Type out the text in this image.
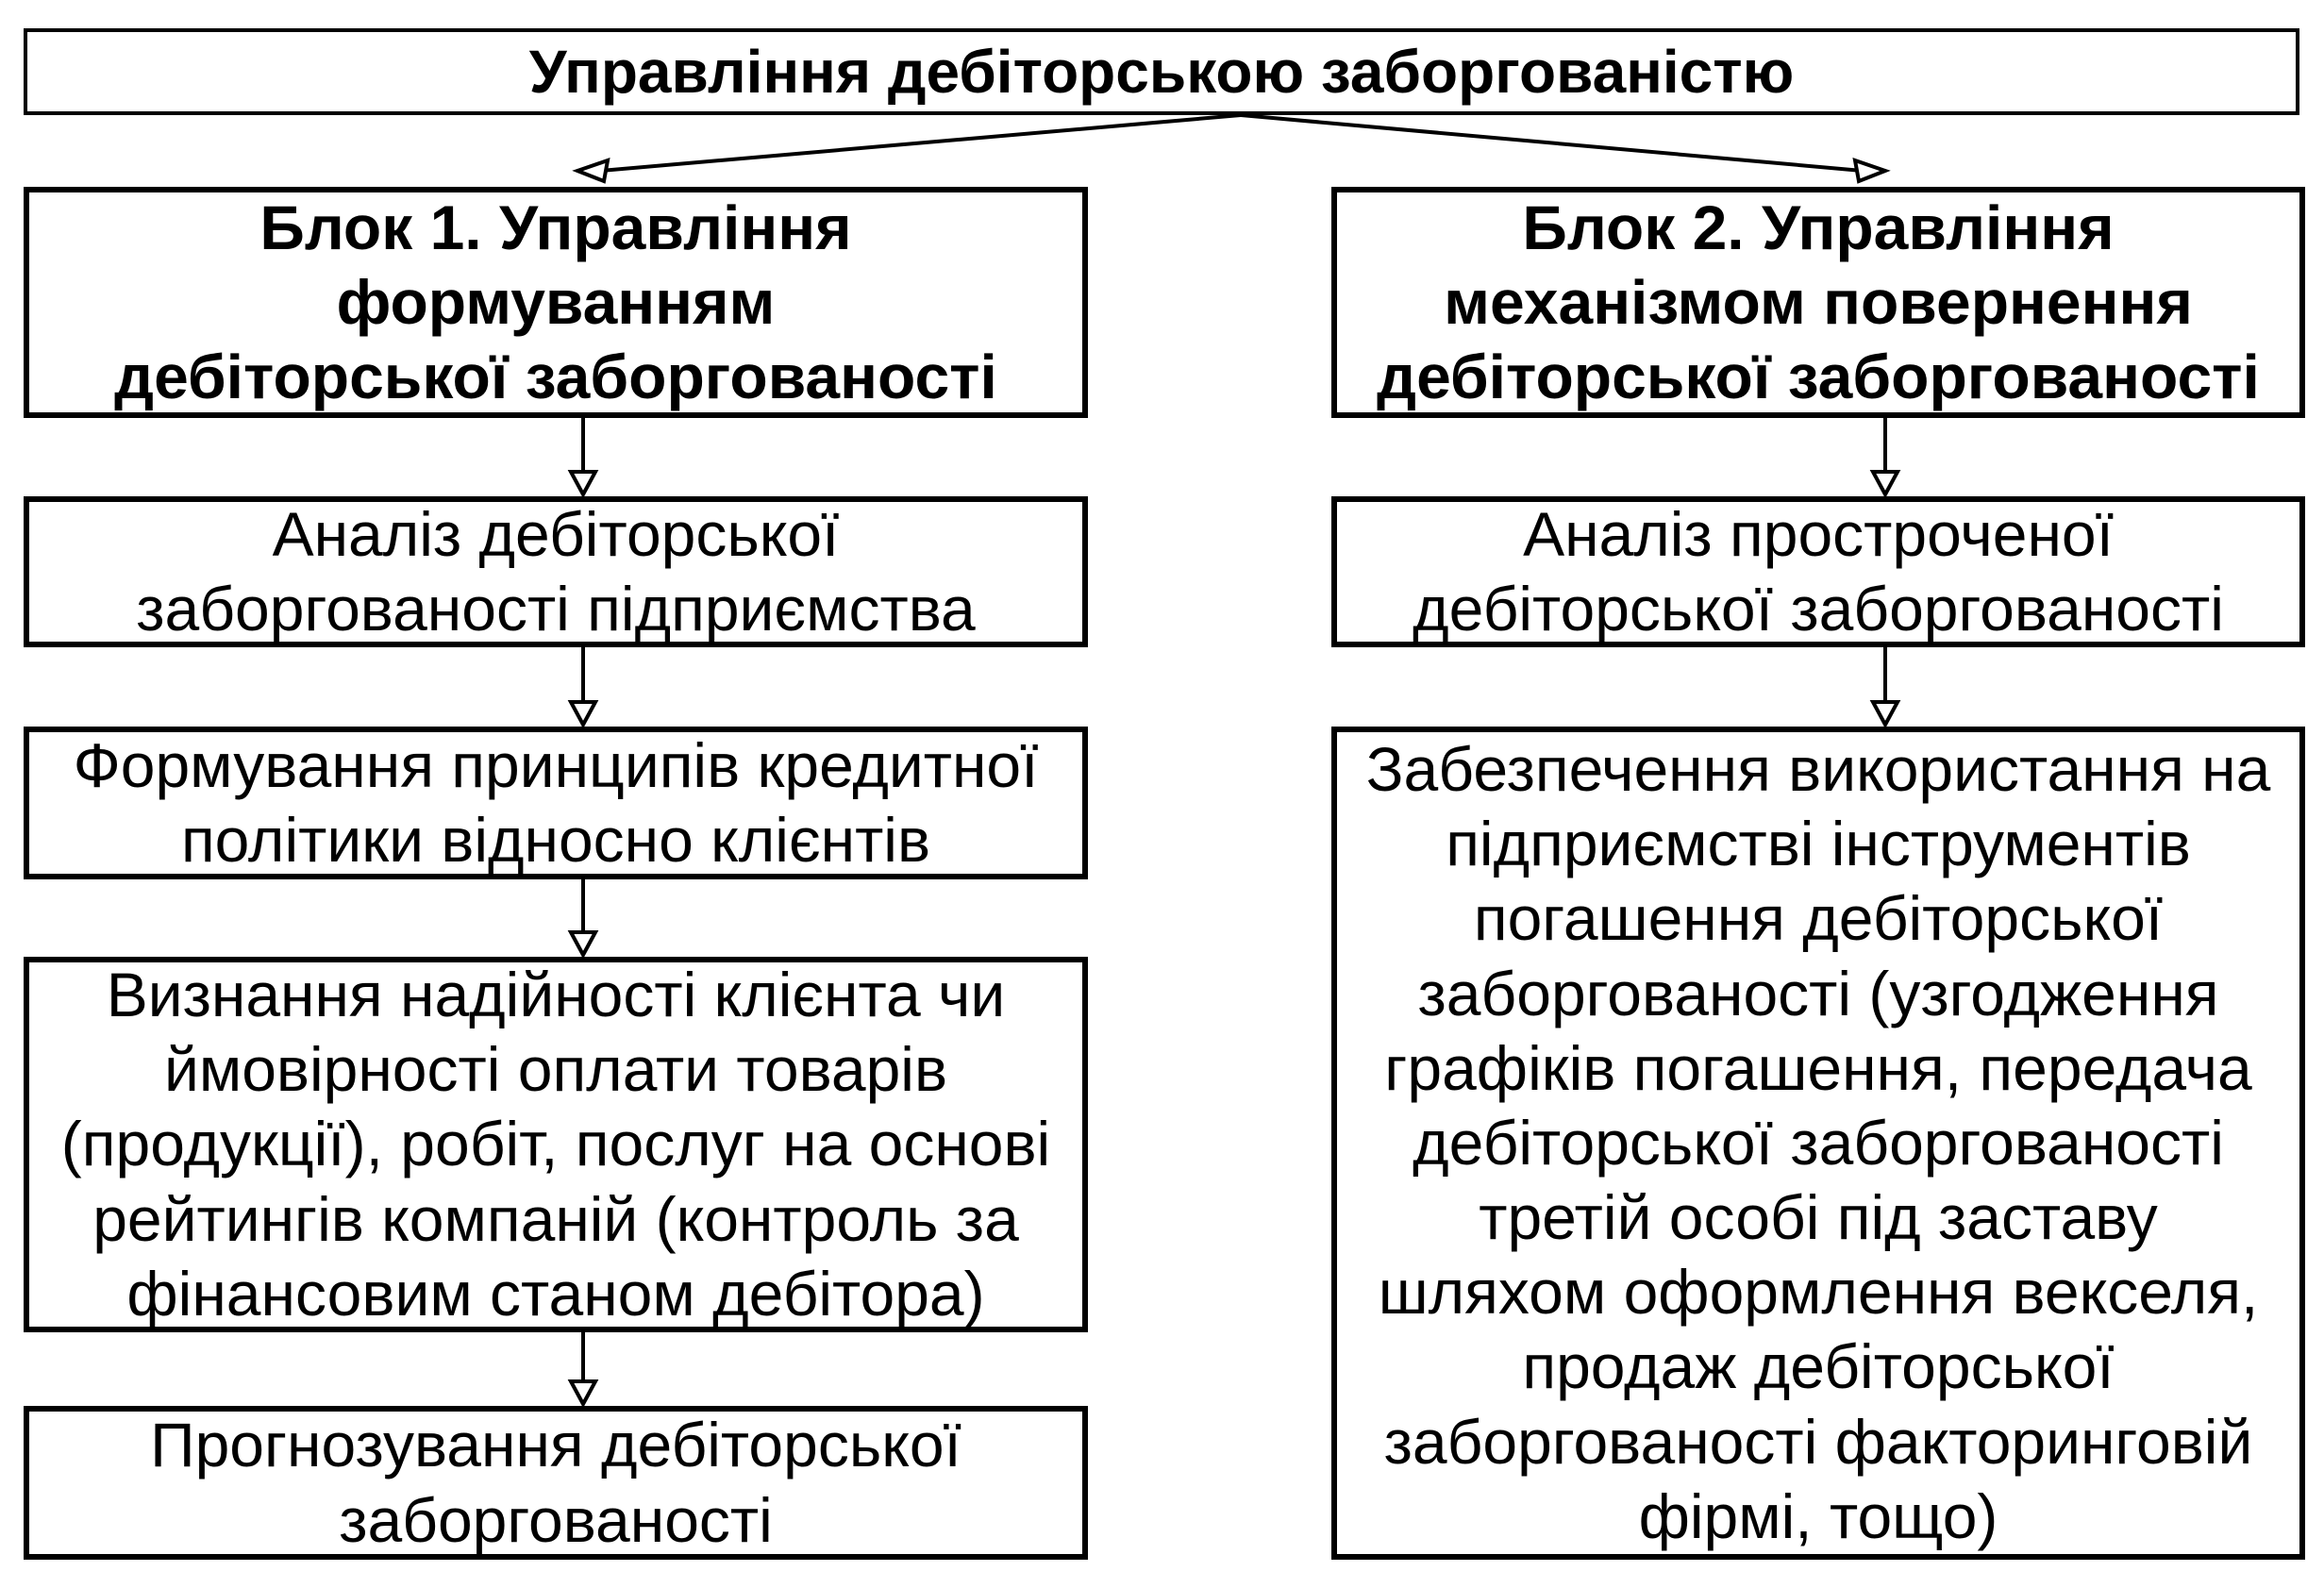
Управління дебіторською заборгованістю
Блок 1. Управління
формуванням
дебіторської заборгованості
Блок 2. Управління
механізмом повернення
дебіторської заборгованості
Аналіз дебіторської
заборгованості підприємства
Формування принципів кредитної
політики відносно клієнтів
Визнання надійності клієнта чи
ймовірності оплати товарів
(продукції), робіт, послуг на основі
рейтингів компаній (контроль за
фінансовим станом дебітора)
Прогнозування дебіторської
заборгованості
Аналіз простроченої
дебіторської заборгованості
Забезпечення використання на
підприємстві інструментів
погашення дебіторської
заборгованості (узгодження
графіків погашення, передача
дебіторської заборгованості
третій особі під заставу
шляхом оформлення векселя,
продаж дебіторської
заборгованості факторинговій
фірмі, тощо)
